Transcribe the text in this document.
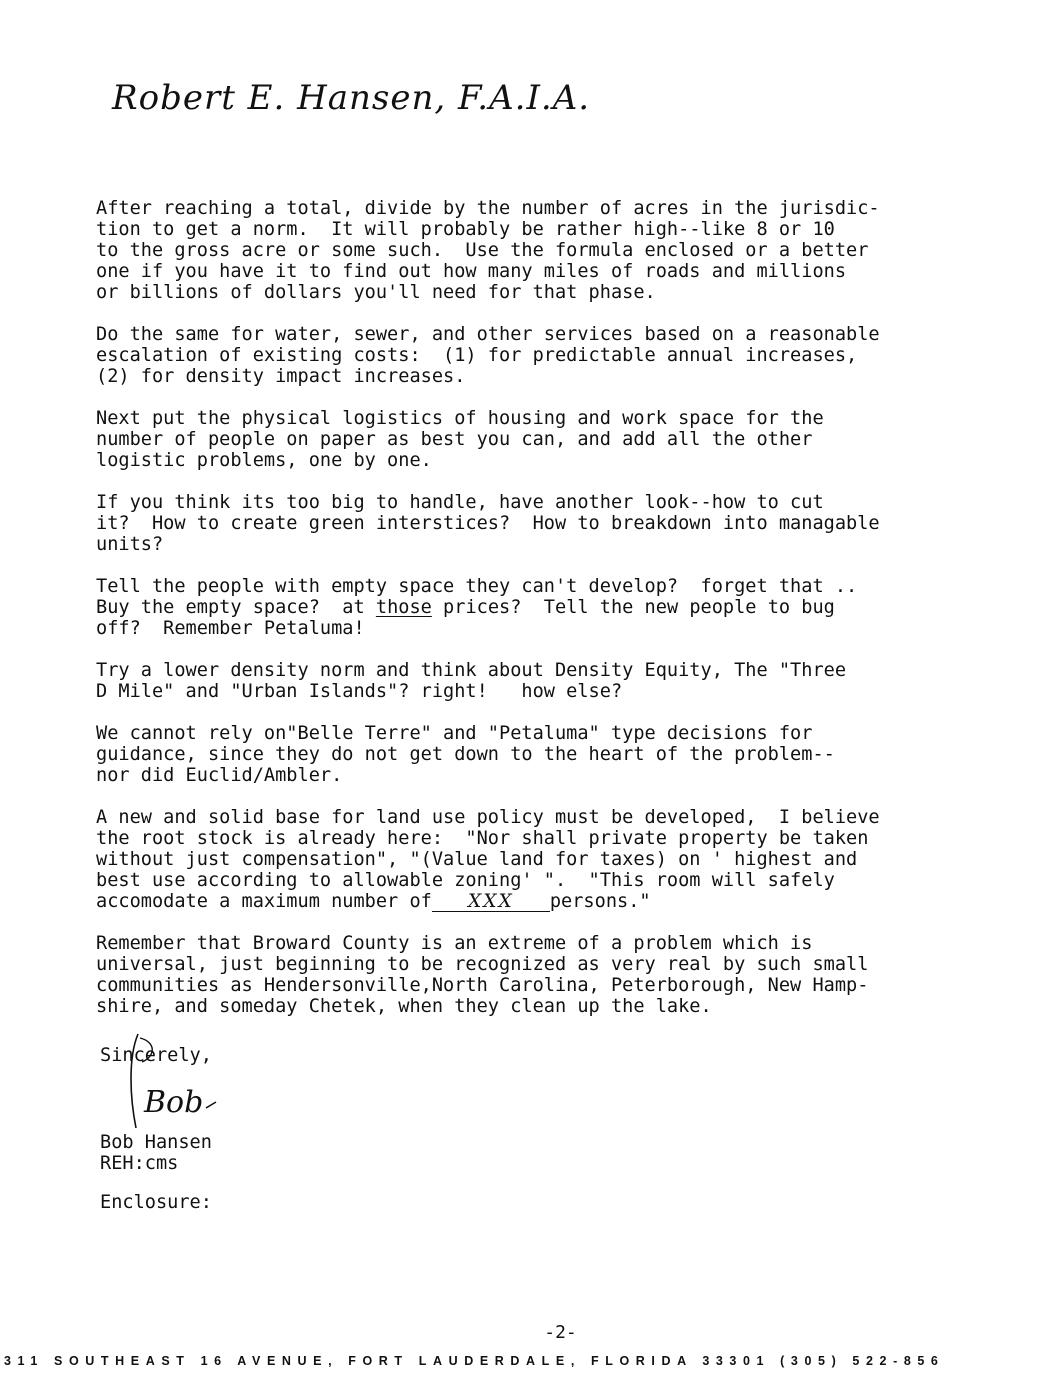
Robert E. Hansen, F.A.I.A.

After reaching a total, divide by the number of acres in the jurisdic-
tion to get a norm.  It will probably be rather high--like 8 or 10
to the gross acre or some such.  Use the formula enclosed or a better
one if you have it to find out how many miles of roads and millions
or billions of dollars you'll need for that phase.

Do the same for water, sewer, and other services based on a reasonable
escalation of existing costs:  (1) for predictable annual increases,
(2) for density impact increases.

Next put the physical logistics of housing and work space for the
number of people on paper as best you can, and add all the other
logistic problems, one by one.

If you think its too big to handle, have another look--how to cut
it?  How to create green interstices?  How to breakdown into managable
units?

Tell the people with empty space they can't develop?  forget that ..
Buy the empty space?  at those prices?  Tell the new people to bug
off?  Remember Petaluma!

Try a lower density norm and think about Density Equity, The "Three
D Mile" and "Urban Islands"? right!   how else?

We cannot rely on"Belle Terre" and "Petaluma" type decisions for
guidance, since they do not get down to the heart of the problem--
nor did Euclid/Ambler.

A new and solid base for land use policy must be developed,  I believe
the root stock is already here:  "Nor shall private property be taken
without just compensation", "(Value land for taxes) on ' highest and
best use according to allowable zoning' ".  "This room will safely
accomodate a maximum number of XXX persons."

Remember that Broward County is an extreme of a problem which is
universal, just beginning to be recognized as very real by such small
communities as Hendersonville,North Carolina, Peterborough, New Hamp-
shire, and someday Chetek, when they clean up the lake.

Sincerely,
Bob
Bob Hansen
REH:cms
Enclosure:
-2-
311 SOUTHEAST 16 AVENUE, FORT LAUDERDALE, FLORIDA 33301 (305) 522-856
